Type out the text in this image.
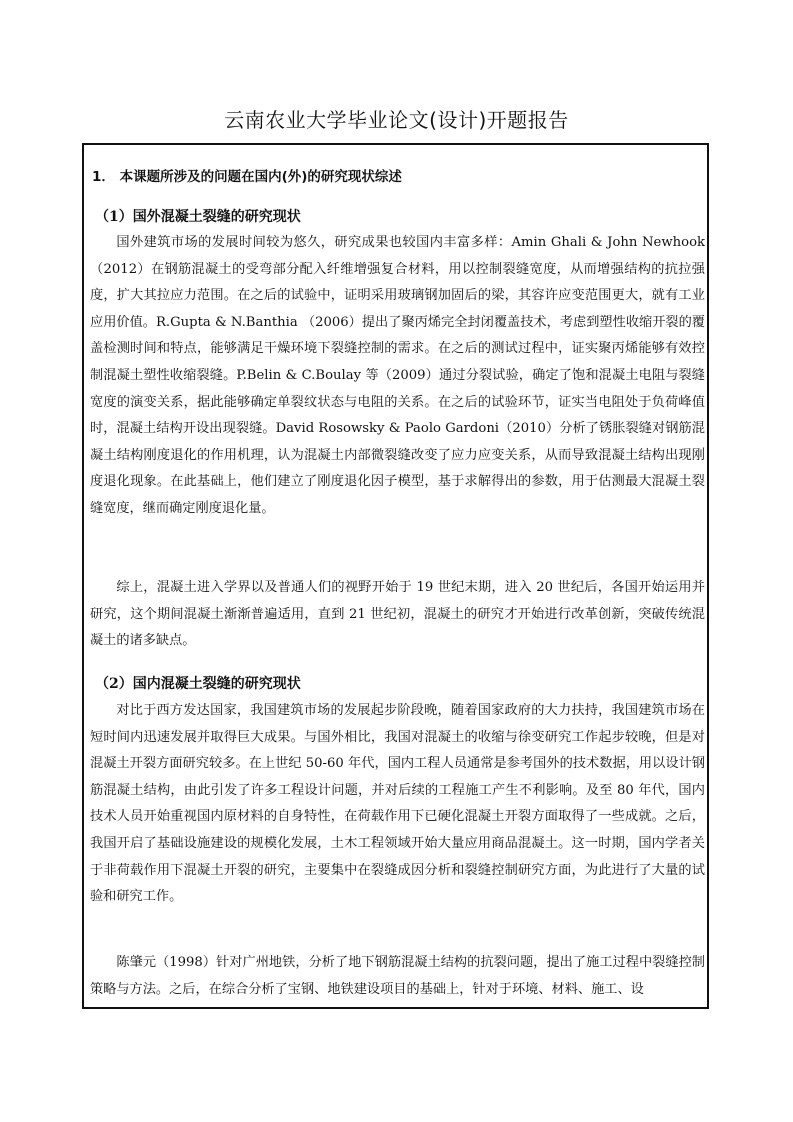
云南农业大学毕业论文(设计)开题报告
1． 本课题所涉及的问题在国内(外)的研究现状综述
（1）国外混凝土裂缝的研究现状

国外建筑市场的发展时间较为悠久，研究成果也较国内丰富多样：Amin Ghali & John Newhook（2012）在钢筋混凝土的受弯部分配入纤维增强复合材料，用以控制裂缝宽度，从而增强结构的抗拉强度，扩大其拉应力范围。在之后的试验中，证明采用玻璃钢加固后的梁，其容许应变范围更大，就有工业应用价值。R.Gupta & N.Banthia （2006）提出了聚丙烯完全封闭覆盖技术，考虑到塑性收缩开裂的覆盖检测时间和特点，能够满足干燥环境下裂缝控制的需求。在之后的测试过程中，证实聚丙烯能够有效控制混凝土塑性收缩裂缝。P.Belin & C.Boulay 等（2009）通过分裂试验，确定了饱和混凝土电阻与裂缝宽度的演变关系，据此能够确定单裂纹状态与电阻的关系。在之后的试验环节，证实当电阻处于负荷峰值时，混凝土结构开设出现裂缝。David Rosowsky & Paolo Gardoni（2010）分析了锈胀裂缝对钢筋混凝土结构刚度退化的作用机理，认为混凝土内部微裂缝改变了应力应变关系，从而导致混凝土结构出现刚度退化现象。在此基础上，他们建立了刚度退化因子模型，基于求解得出的参数，用于估测最大混凝土裂缝宽度，继而确定刚度退化量。

综上，混凝土进入学界以及普通人们的视野开始于 19 世纪末期，进入 20 世纪后，各国开始运用并研究，这个期间混凝土渐渐普遍适用，直到 21 世纪初，混凝土的研究才开始进行改革创新，突破传统混凝土的诸多缺点。

（2）国内混凝土裂缝的研究现状

对比于西方发达国家，我国建筑市场的发展起步阶段晚，随着国家政府的大力扶持，我国建筑市场在短时间内迅速发展并取得巨大成果。与国外相比，我国对混凝土的收缩与徐变研究工作起步较晚，但是对混凝土开裂方面研究较多。在上世纪 50-60 年代，国内工程人员通常是参考国外的技术数据，用以设计钢筋混凝土结构，由此引发了许多工程设计问题，并对后续的工程施工产生不利影响。及至 80 年代，国内技术人员开始重视国内原材料的自身特性，在荷载作用下已硬化混凝土开裂方面取得了一些成就。之后，我国开启了基础设施建设的规模化发展，土木工程领域开始大量应用商品混凝土。这一时期，国内学者关于非荷载作用下混凝土开裂的研究，主要集中在裂缝成因分析和裂缝控制研究方面，为此进行了大量的试验和研究工作。

陈肇元（1998）针对广州地铁，分析了地下钢筋混凝土结构的抗裂问题，提出了施工过程中裂缝控制策略与方法。之后，在综合分析了宝钢、地铁建设项目的基础上，针对于环境、材料、施工、设
